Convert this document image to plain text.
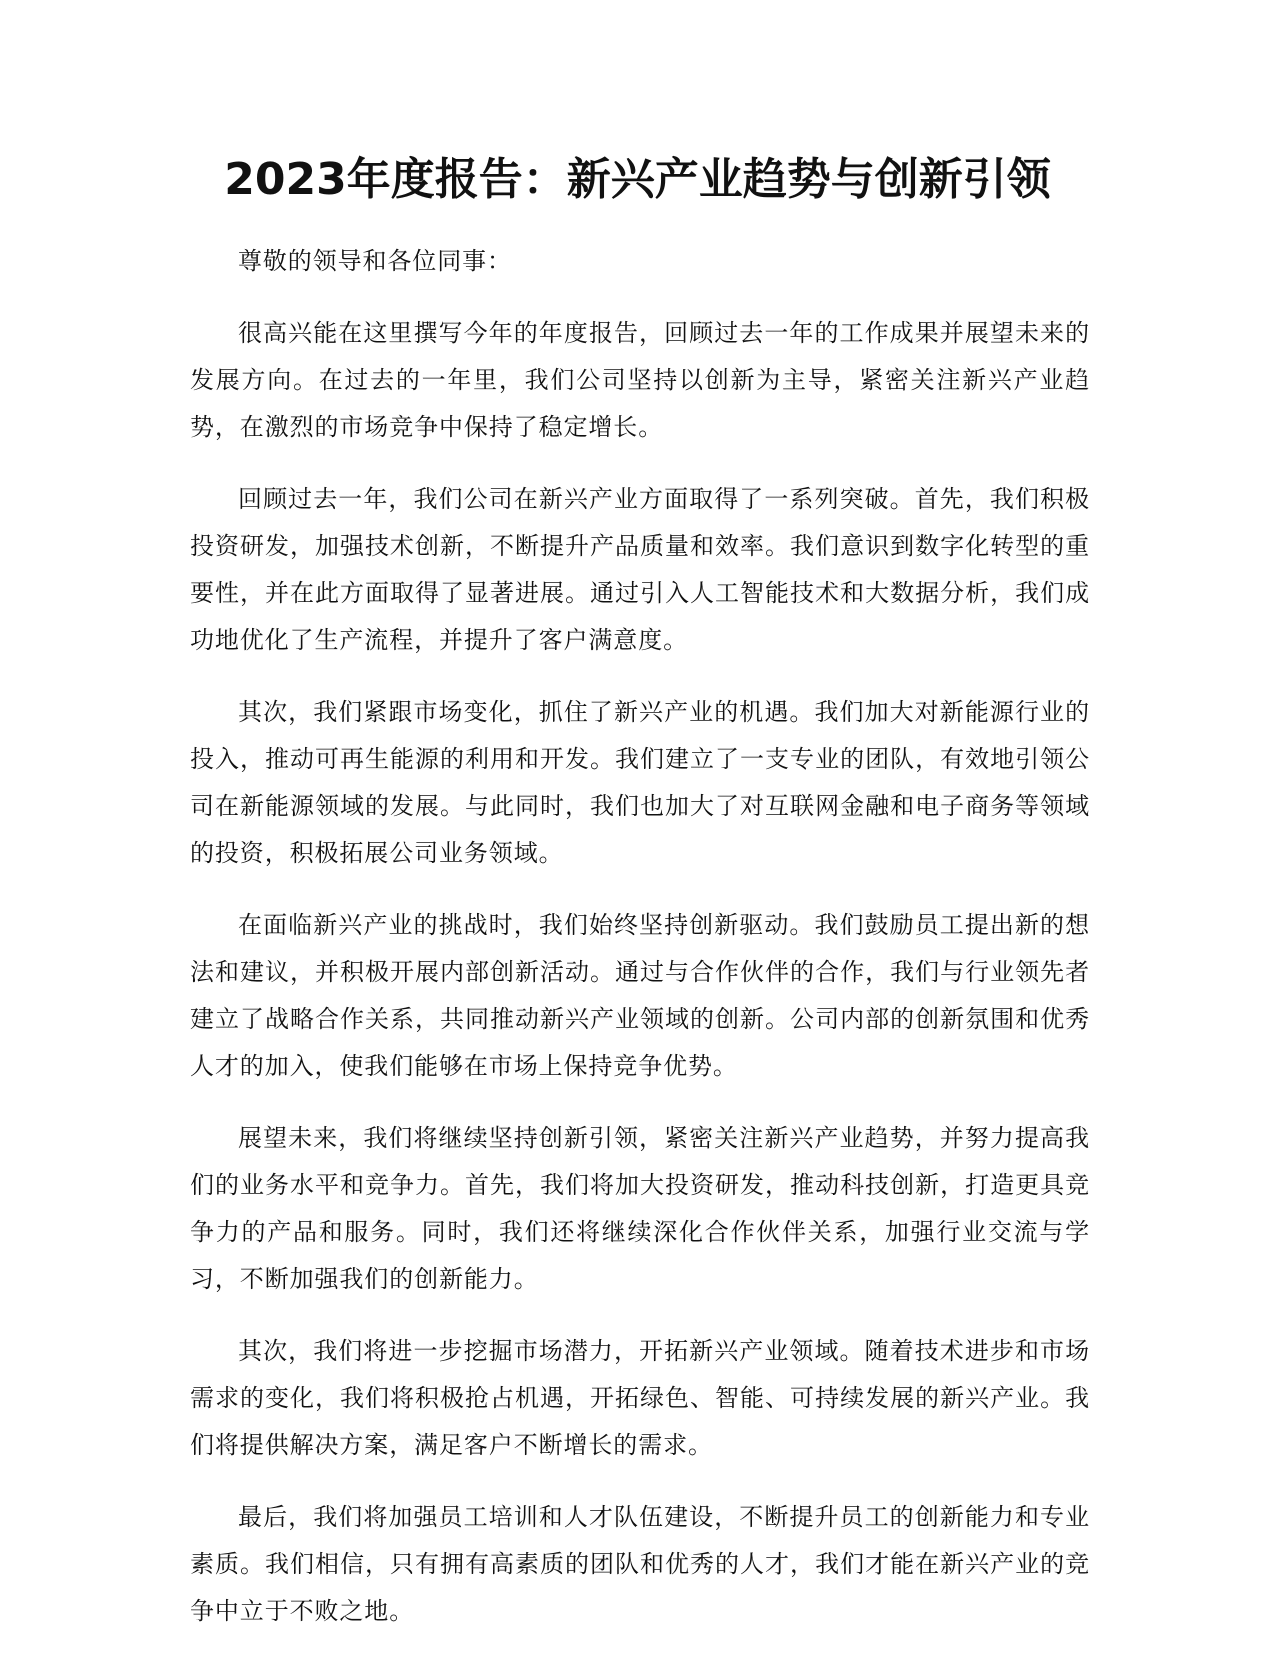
2023年度报告：新兴产业趋势与创新引领

尊敬的领导和各位同事：

很高兴能在这里撰写今年的年度报告，回顾过去一年的工作成果并展望未来的发展方向。在过去的一年里，我们公司坚持以创新为主导，紧密关注新兴产业趋势，在激烈的市场竞争中保持了稳定增长。

回顾过去一年，我们公司在新兴产业方面取得了一系列突破。首先，我们积极投资研发，加强技术创新，不断提升产品质量和效率。我们意识到数字化转型的重要性，并在此方面取得了显著进展。通过引入人工智能技术和大数据分析，我们成功地优化了生产流程，并提升了客户满意度。

其次，我们紧跟市场变化，抓住了新兴产业的机遇。我们加大对新能源行业的投入，推动可再生能源的利用和开发。我们建立了一支专业的团队，有效地引领公司在新能源领域的发展。与此同时，我们也加大了对互联网金融和电子商务等领域的投资，积极拓展公司业务领域。

在面临新兴产业的挑战时，我们始终坚持创新驱动。我们鼓励员工提出新的想法和建议，并积极开展内部创新活动。通过与合作伙伴的合作，我们与行业领先者建立了战略合作关系，共同推动新兴产业领域的创新。公司内部的创新氛围和优秀人才的加入，使我们能够在市场上保持竞争优势。

展望未来，我们将继续坚持创新引领，紧密关注新兴产业趋势，并努力提高我们的业务水平和竞争力。首先，我们将加大投资研发，推动科技创新，打造更具竞争力的产品和服务。同时，我们还将继续深化合作伙伴关系，加强行业交流与学习，不断加强我们的创新能力。

其次，我们将进一步挖掘市场潜力，开拓新兴产业领域。随着技术进步和市场需求的变化，我们将积极抢占机遇，开拓绿色、智能、可持续发展的新兴产业。我们将提供解决方案，满足客户不断增长的需求。

最后，我们将加强员工培训和人才队伍建设，不断提升员工的创新能力和专业素质。我们相信，只有拥有高素质的团队和优秀的人才，我们才能在新兴产业的竞争中立于不败之地。
